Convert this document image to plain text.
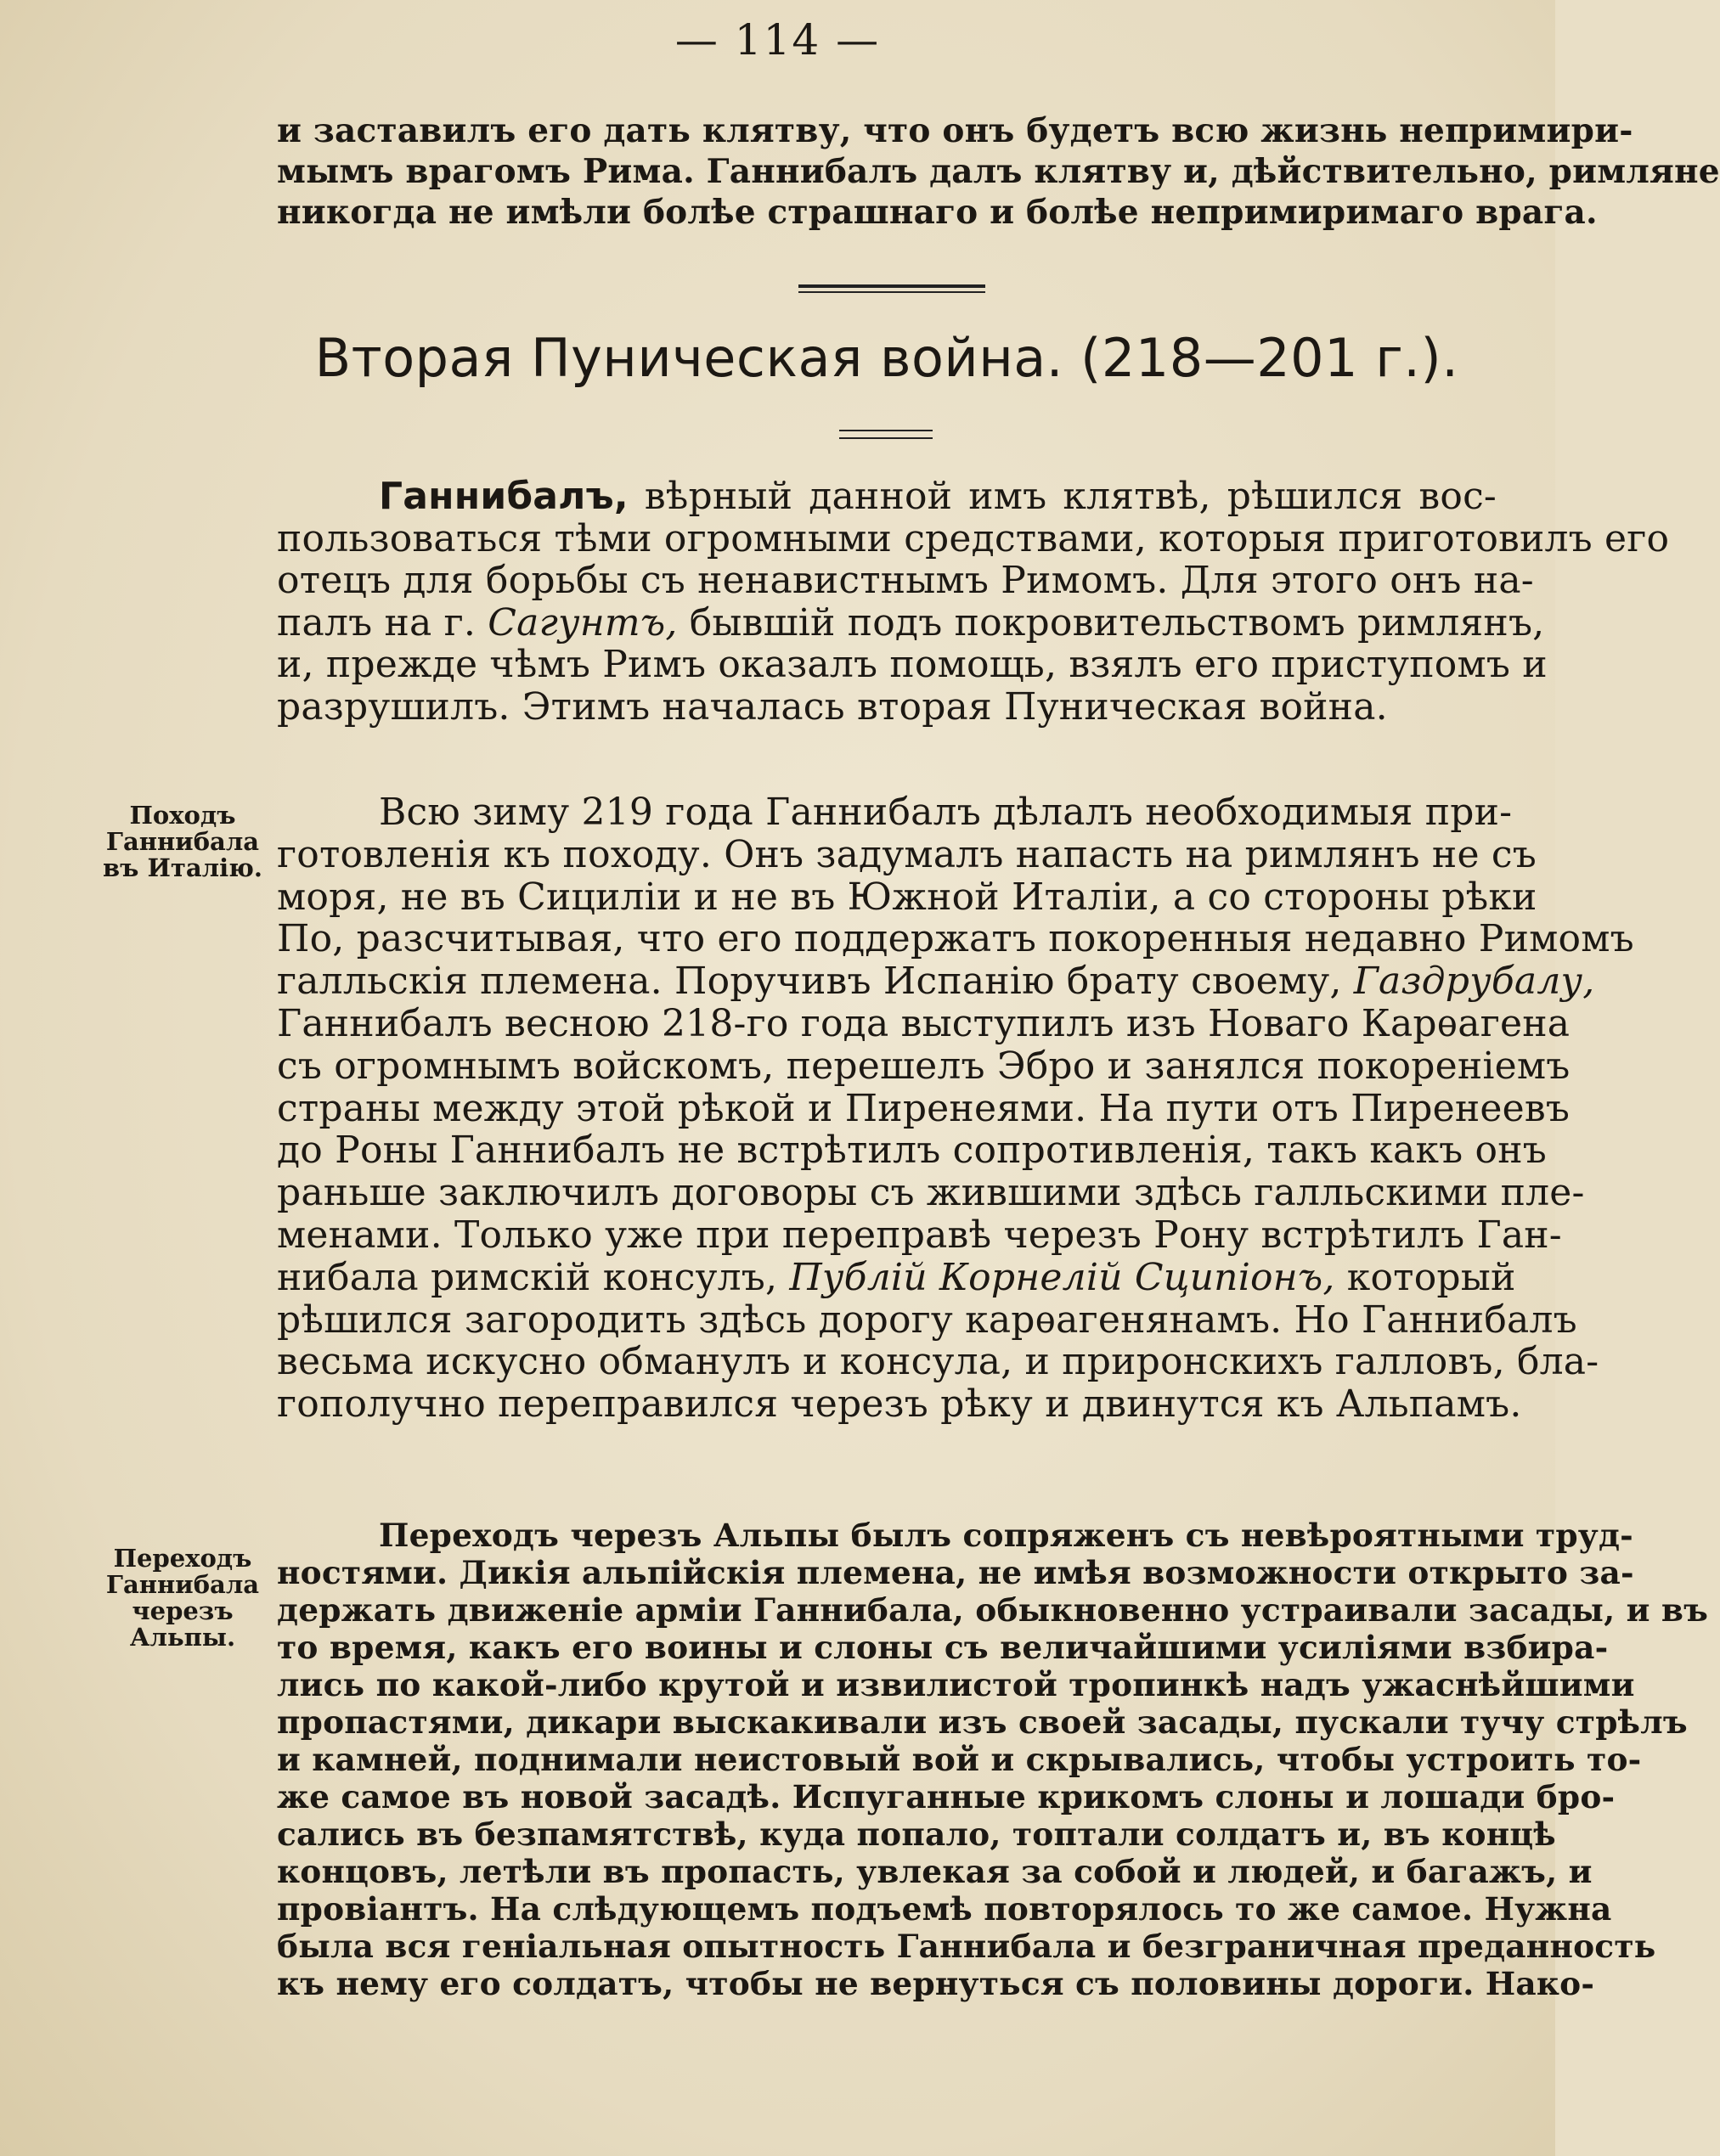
— 114 —
и заставилъ его дать клятву, что онъ будетъ всю жизнь непримири-
мымъ врагомъ Рима. Ганнибалъ далъ клятву и, дѣйствительно, римляне
никогда не имѣли болѣе страшнаго и болѣе непримиримаго врага.
Вторая Пуническая война. (218—201 г.).
Ганнибалъ, вѣрный данной имъ клятвѣ, рѣшился вос-
пользоваться тѣми огромными средствами, которыя приготовилъ его
отецъ для борьбы съ ненавистнымъ Римомъ. Для этого онъ на-
палъ на г. Сагунтъ, бывшій подъ покровительствомъ римлянъ,
и, прежде чѣмъ Римъ оказалъ помощь, взялъ его приступомъ и
разрушилъ. Этимъ началась вторая Пуническая война.
Походъ
Ганнибала
въ Италію.
Всю зиму 219 года Ганнибалъ дѣлалъ необходимыя при-
готовленія къ походу. Онъ задумалъ напасть на римлянъ не съ
моря, не въ Сициліи и не въ Южной Италіи, а со стороны рѣки
По, разсчитывая, что его поддержатъ покоренныя недавно Римомъ
галльскія племена. Поручивъ Испанію брату своему, Газдрубалу,
Ганнибалъ весною 218-го года выступилъ изъ Новаго Карѳагена
съ огромнымъ войскомъ, перешелъ Эбро и занялся покореніемъ
страны между этой рѣкой и Пиренеями. На пути отъ Пиренеевъ
до Роны Ганнибалъ не встрѣтилъ сопротивленія, такъ какъ онъ
раньше заключилъ договоры съ жившими здѣсь галльскими пле-
менами. Только уже при переправѣ черезъ Рону встрѣтилъ Ган-
нибала римскій консулъ, Публій Корнелій Сципіонъ, который
рѣшился загородить здѣсь дорогу карѳагенянамъ. Но Ганнибалъ
весьма искусно обманулъ и консула, и приронскихъ галловъ, бла-
гополучно переправился черезъ рѣку и двинутся къ Альпамъ.
Переходъ
Ганнибала
черезъ
Альпы.
Переходъ черезъ Альпы былъ сопряженъ съ невѣроятными труд-
ностями. Дикія альпійскія племена, не имѣя возможности открыто за-
держать движеніе арміи Ганнибала, обыкновенно устраивали засады, и въ
то время, какъ его воины и слоны съ величайшими усиліями взбира-
лись по какой-либо крутой и извилистой тропинкѣ надъ ужаснѣйшими
пропастями, дикари выскакивали изъ своей засады, пускали тучу стрѣлъ
и камней, поднимали неистовый вой и скрывались, чтобы устроить то-
же самое въ новой засадѣ. Испуганные крикомъ слоны и лошади бро-
сались въ безпамятствѣ, куда попало, топтали солдатъ и, въ концѣ
концовъ, летѣли въ пропасть, увлекая за собой и людей, и багажъ, и
провіантъ. На слѣдующемъ подъемѣ повторялось то же самое. Нужна
была вся геніальная опытность Ганнибала и безграничная преданность
къ нему его солдатъ, чтобы не вернуться съ половины дороги. Нако-
